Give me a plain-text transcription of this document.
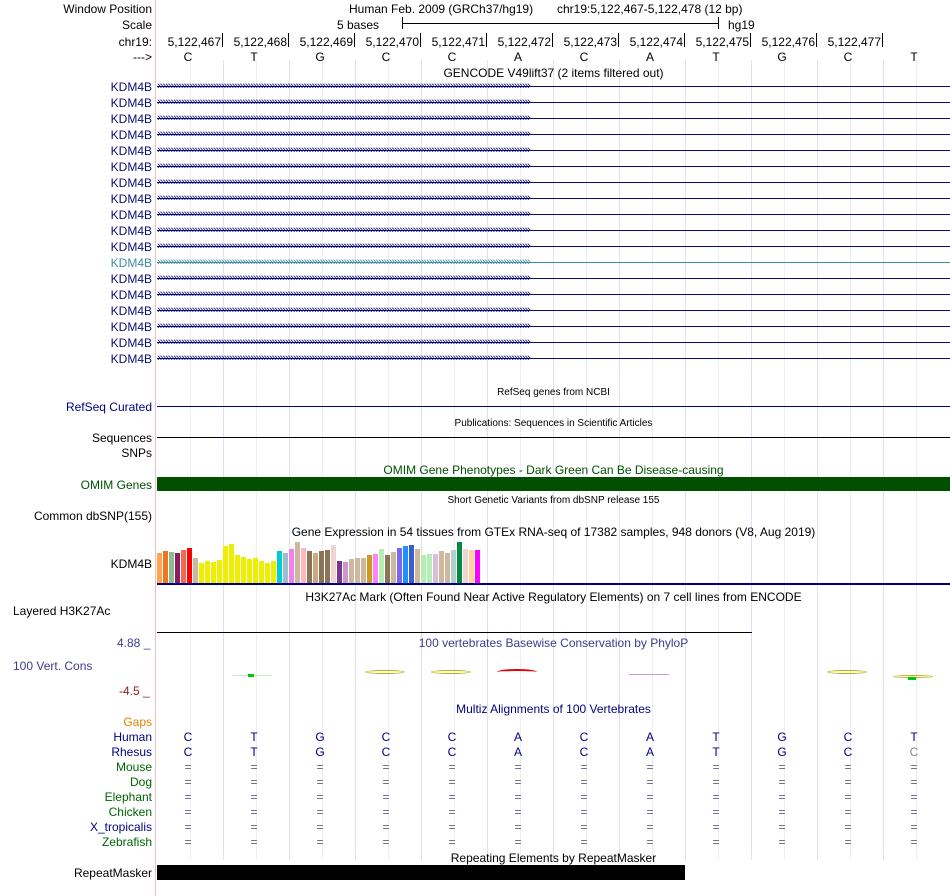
Window Position	Human Feb. 2009 (GRCh37/hg19) chr19:5,122,467-5,122,478 (12 bp)
Scale	5 bases	hg19
chr19:	5,122,467	5,122,468	5,122,469	5,122,470	5,122,471	5,122,472	5,122,473	5,122,474	5,122,475	5,122,476	5,122,477
--->	C	T	G	C	C	A	C	A	T	G	C	T
GENCODE V49lift37 (2 items filtered out)
KDM4B ››››››››››››››››››››››››››››››››››››››››››››››››››››››››››››››››››››››››››››››››››››››››››››››››››››››››››››››››››››››››››››››››››››››››››››
KDM4B ››››››››››››››››››››››››››››››››››››››››››››››››››››››››››››››››››››››››››››››››››››››››››››››››››››››››››››››››››››››››››››››››››››››››››››
KDM4B ››››››››››››››››››››››››››››››››››››››››››››››››››››››››››››››››››››››››››››››››››››››››››››››››››››››››››››››››››››››››››››››››››››››››››››
KDM4B ››››››››››››››››››››››››››››››››››››››››››››››››››››››››››››››››››››››››››››››››››››››››››››››››››››››››››››››››››››››››››››››››››››››››››››
KDM4B ››››››››››››››››››››››››››››››››››››››››››››››››››››››››››››››››››››››››››››››››››››››››››››››››››››››››››››››››››››››››››››››››››››››››››››
KDM4B ››››››››››››››››››››››››››››››››››››››››››››››››››››››››››››››››››››››››››››››››››››››››››››››››››››››››››››››››››››››››››››››››››››››››››››
KDM4B ››››››››››››››››››››››››››››››››››››››››››››››››››››››››››››››››››››››››››››››››››››››››››››››››››››››››››››››››››››››››››››››››››››››››››››
KDM4B ››››››››››››››››››››››››››››››››››››››››››››››››››››››››››››››››››››››››››››››››››››››››››››››››››››››››››››››››››››››››››››››››››››››››››››
KDM4B ››››››››››››››››››››››››››››››››››››››››››››››››››››››››››››››››››››››››››››››››››››››››››››››››››››››››››››››››››››››››››››››››››››››››››››
KDM4B ››››››››››››››››››››››››››››››››››››››››››››››››››››››››››››››››››››››››››››››››››››››››››››››››››››››››››››››››››››››››››››››››››››››››››››
KDM4B ››››››››››››››››››››››››››››››››››››››››››››››››››››››››››››››››››››››››››››››››››››››››››››››››››››››››››››››››››››››››››››››››››››››››››››
KDM4B ››››››››››››››››››››››››››››››››››››››››››››››››››››››››››››››››››››››››››››››››››››››››››››››››››››››››››››››››››››››››››››››››››››››››››››
KDM4B ››››››››››››››››››››››››››››››››››››››››››››››››››››››››››››››››››››››››››››››››››››››››››››››››››››››››››››››››››››››››››››››››››››››››››››
KDM4B ››››››››››››››››››››››››››››››››››››››››››››››››››››››››››››››››››››››››››››››››››››››››››››››››››››››››››››››››››››››››››››››››››››››››››››
KDM4B ››››››››››››››››››››››››››››››››››››››››››››››››››››››››››››››››››››››››››››››››››››››››››››››››››››››››››››››››››››››››››››››››››››››››››››
KDM4B ››››››››››››››››››››››››››››››››››››››››››››››››››››››››››››››››››››››››››››››››››››››››››››››››››››››››››››››››››››››››››››››››››››››››››››
KDM4B ››››››››››››››››››››››››››››››››››››››››››››››››››››››››››››››››››››››››››››››››››››››››››››››››››››››››››››››››››››››››››››››››››››››››››››
KDM4B ››››››››››››››››››››››››››››››››››››››››››››››››››››››››››››››››››››››››››››››››››››››››››››››››››››››››››››››››››››››››››››››››››››››››››››
RefSeq genes from NCBI
RefSeq Curated
Publications: Sequences in Scientific Articles
Sequences
SNPs
OMIM Gene Phenotypes - Dark Green Can Be Disease-causing
OMIM Genes
Short Genetic Variants from dbSNP release 155
Common dbSNP(155)
Gene Expression in 54 tissues from GTEx RNA-seq of 17382 samples, 948 donors (V8, Aug 2019)
KDM4B
H3K27Ac Mark (Often Found Near Active Regulatory Elements) on 7 cell lines from ENCODE
Layered H3K27Ac
100 vertebrates Basewise Conservation by PhyloP
4.88 _
100 Vert. Cons
-4.5 _
Multiz Alignments of 100 Vertebrates
Gaps
Human	C	T	G	C	C	A	C	A	T	G	C	T
Rhesus	C	T	G	C	C	A	C	A	T	G	C	C
Mouse	=	=	=	=	=	=	=	=	=	=	=	=
Dog	=	=	=	=	=	=	=	=	=	=	=	=
Elephant	=	=	=	=	=	=	=	=	=	=	=	=
Chicken	=	=	=	=	=	=	=	=	=	=	=	=
X_tropicalis	=	=	=	=	=	=	=	=	=	=	=	=
Zebrafish	=	=	=	=	=	=	=	=	=	=	=	=
Repeating Elements by RepeatMasker
RepeatMasker
